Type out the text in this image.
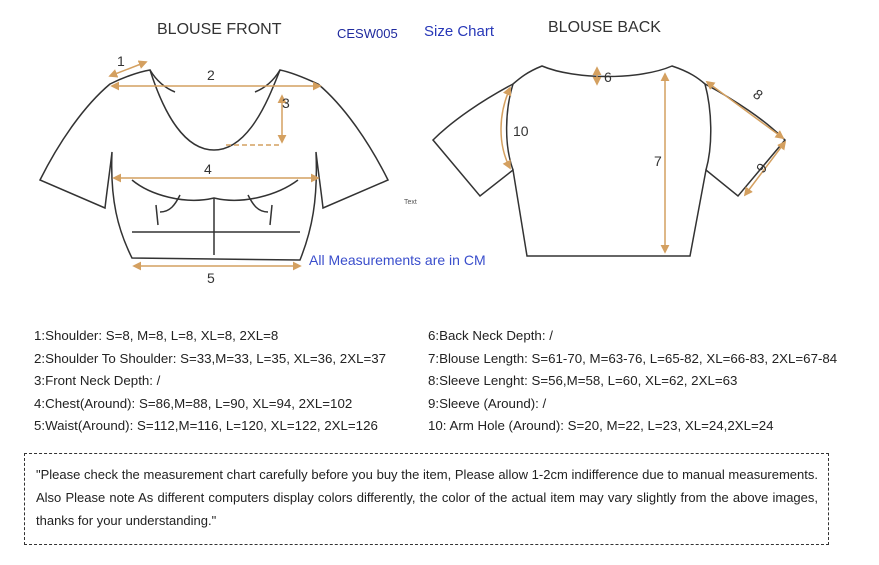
BLOUSE FRONT	CESW005 Size Chart	BLOUSE BACK
1
2
3
4
5
6
7
8
9
10
Text
All Measurements are in CM
1:Shoulder: S=8, M=8, L=8, XL=8, 2XL=8
2:Shoulder To Shoulder: S=33,M=33, L=35, XL=36, 2XL=37
3:Front Neck Depth: /
4:Chest(Around): S=86,M=88, L=90, XL=94, 2XL=102
5:Waist(Around): S=112,M=116, L=120, XL=122, 2XL=126
6:Back Neck Depth: /
7:Blouse Length: S=61-70, M=63-76, L=65-82, XL=66-83, 2XL=67-84
8:Sleeve Lenght: S=56,M=58, L=60, XL=62, 2XL=63
9:Sleeve (Around): /
10: Arm Hole (Around): S=20, M=22, L=23, XL=24,2XL=24
"Please check the measurement chart carefully before you buy the item, Please allow 1-2cm indifference due to manual measurements. Also Please note As different computers display colors differently, the color of the actual item may vary slightly from the above images, thanks for your understanding."
